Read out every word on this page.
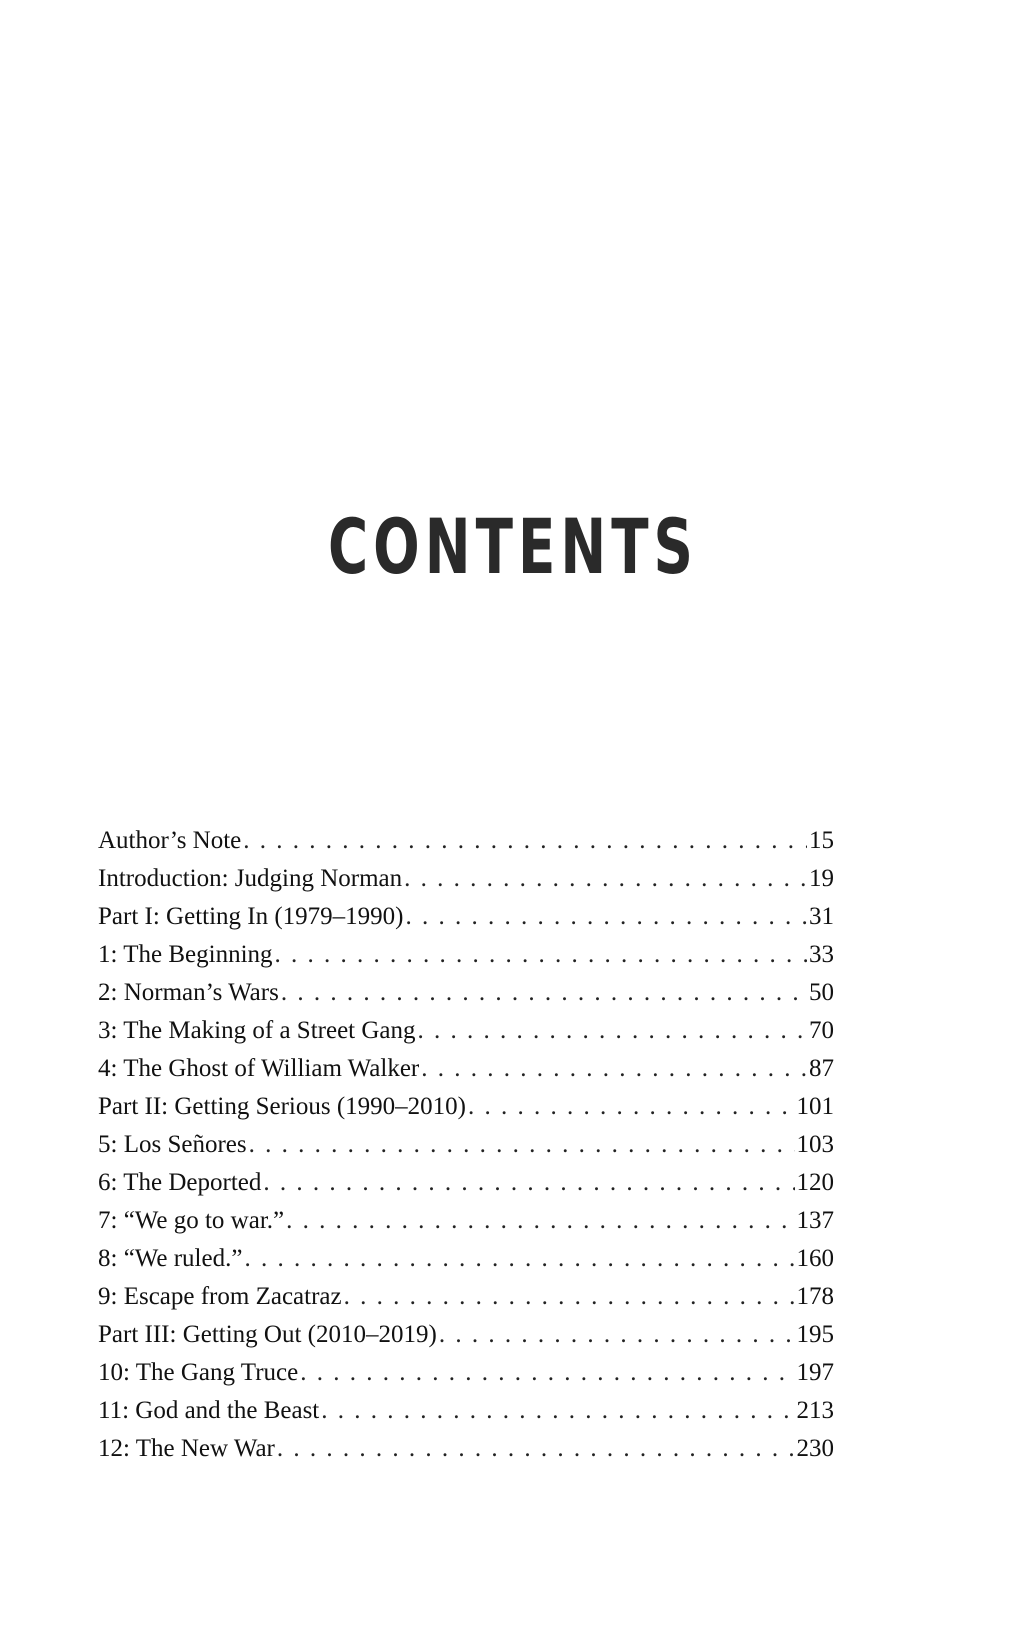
CONTENTS
Author’s Note . . .	15
Introduction: Judging Norman . . .	19
Part I: Getting In (1979–1990) . . .	31
1: The Beginning . . .	33
2: Norman’s Wars . . .	50
3: The Making of a Street Gang . . .	70
4: The Ghost of William Walker . . .	87
Part II: Getting Serious (1990–2010) . . .	101
5: Los Señores . . .	103
6: The Deported . . .	120
7: “We go to war.” . . .	137
8: “We ruled.” . . .	160
9: Escape from Zacatraz . . .	178
Part III: Getting Out (2010–2019) . . .	195
10: The Gang Truce . . .	197
11: God and the Beast . . .	213
12: The New War . . .	230
